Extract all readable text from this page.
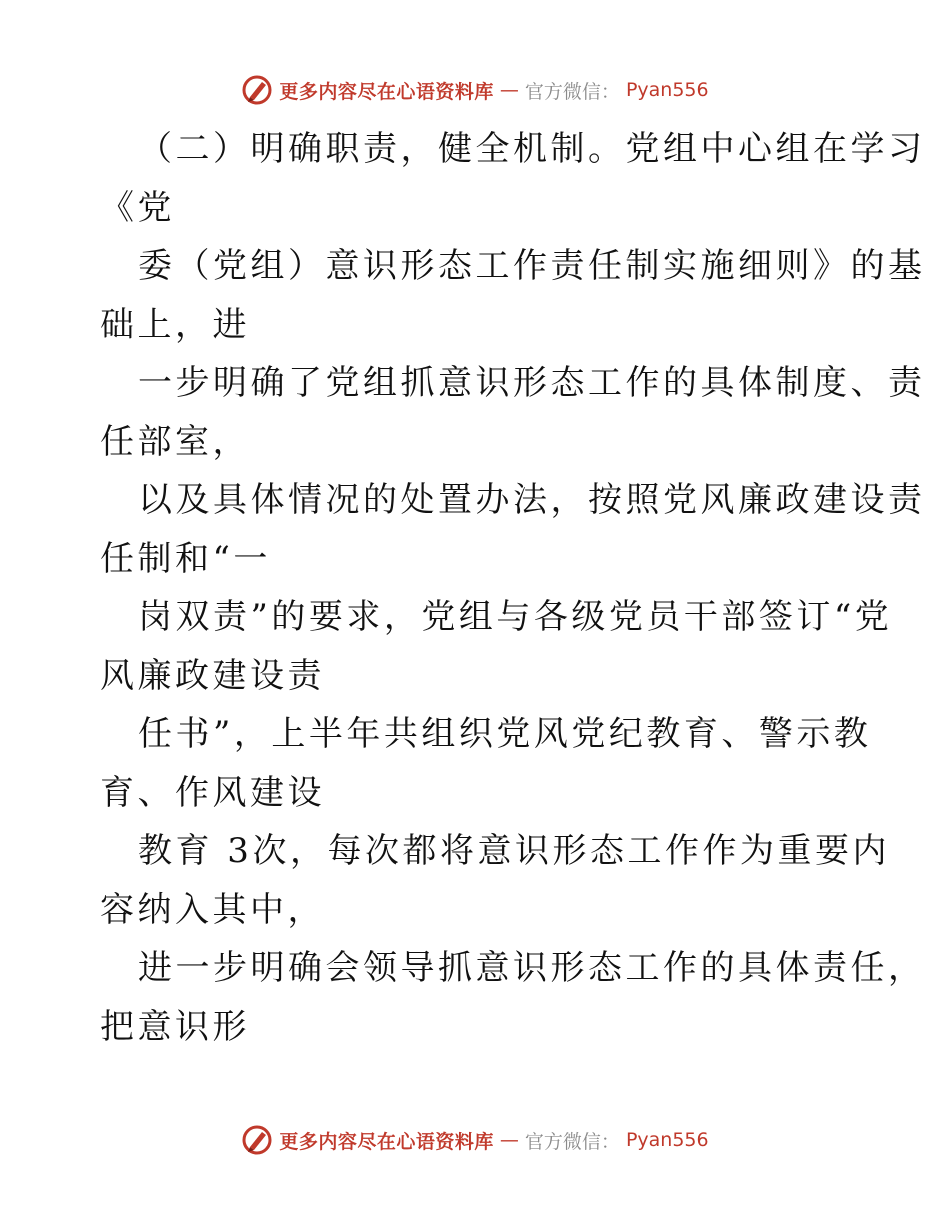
更多内容尽在心语资料库 — 官方微信： Pyan556
（二）明确职责，健全机制。党组中心组在学习
《党
委（党组）意识形态工作责任制实施细则》的基
础上，进
一步明确了党组抓意识形态工作的具体制度、责
任部室，
以及具体情况的处置办法，按照党风廉政建设责
任制和“一
岗双责”的要求，党组与各级党员干部签订“党
风廉政建设责
任书”，上半年共组织党风党纪教育、警示教
育、作风建设
教育 3次，每次都将意识形态工作作为重要内
容纳入其中，
进一步明确会领导抓意识形态工作的具体责任，
把意识形
更多内容尽在心语资料库 — 官方微信： Pyan556
